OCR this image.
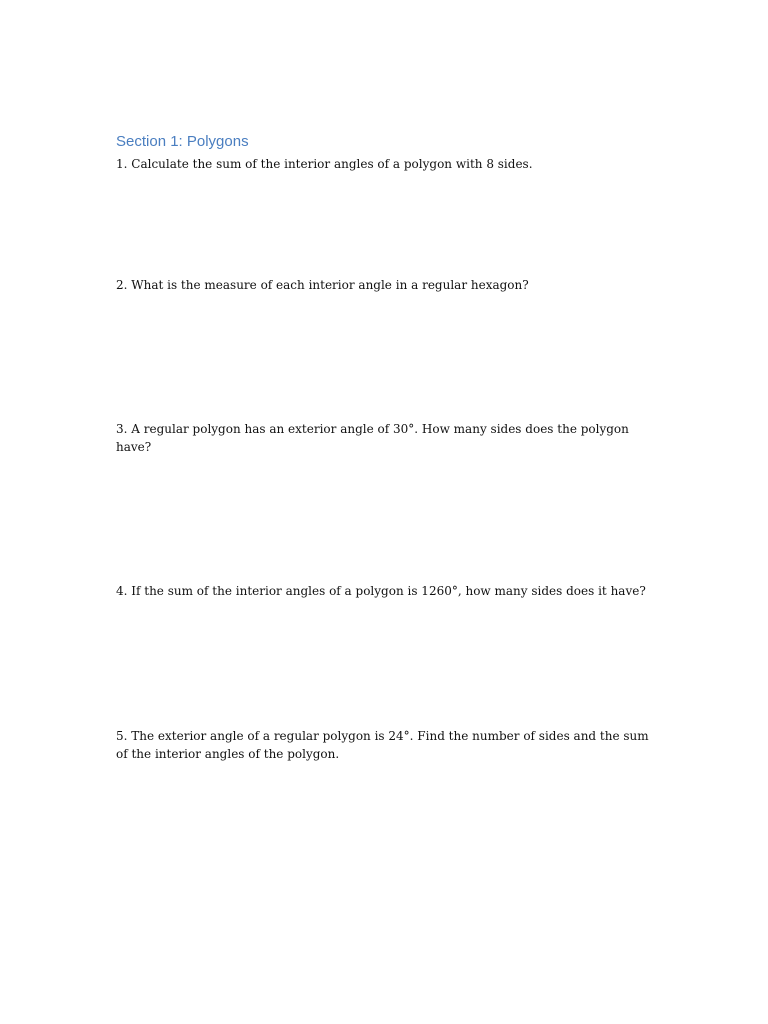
Section 1: Polygons

1. Calculate the sum of the interior angles of a polygon with 8 sides.

2. What is the measure of each interior angle in a regular hexagon?

3. A regular polygon has an exterior angle of 30°. How many sides does the polygon have?

4. If the sum of the interior angles of a polygon is 1260°, how many sides does it have?

5. The exterior angle of a regular polygon is 24°. Find the number of sides and the sum of the interior angles of the polygon.
